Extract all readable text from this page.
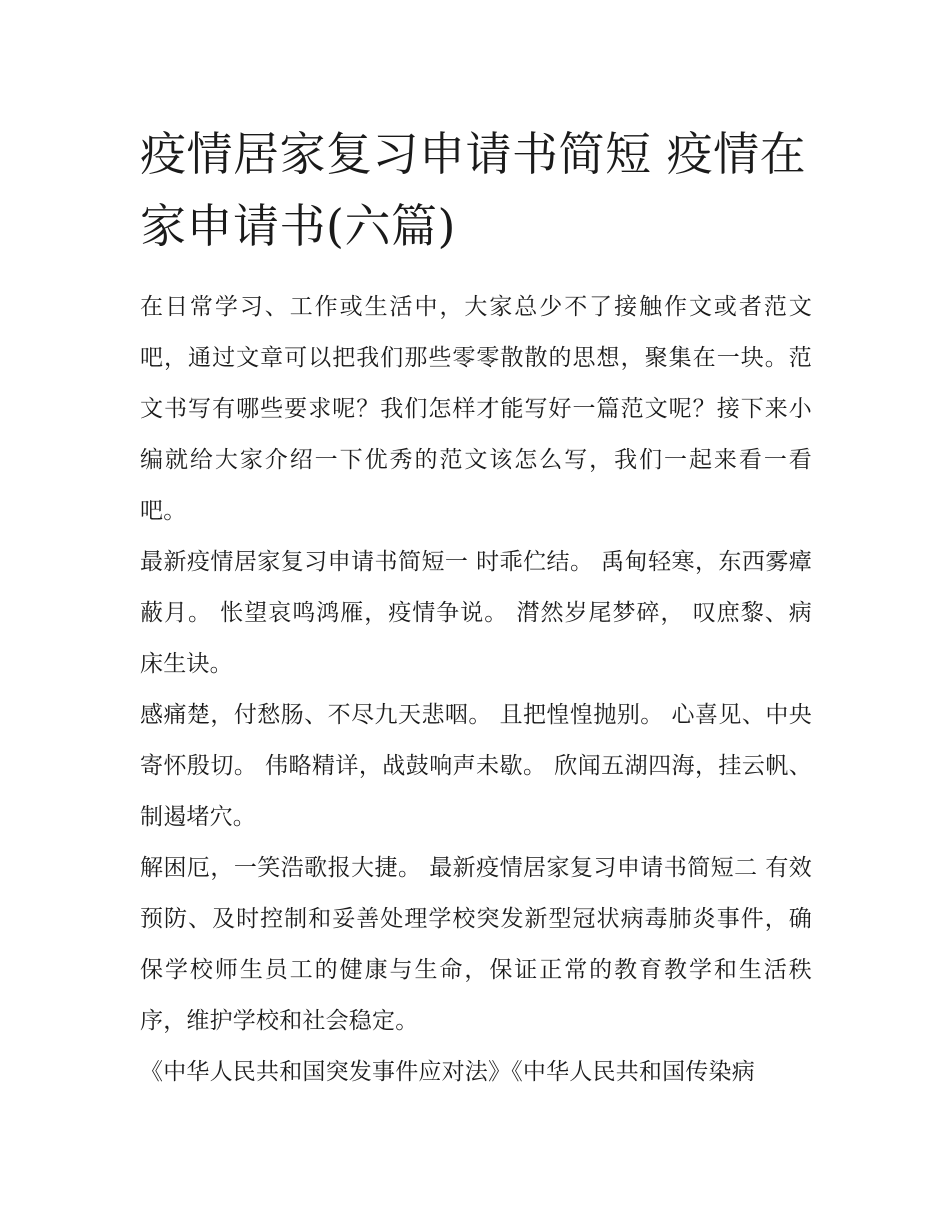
疫情居家复习申请书简短 疫情在家申请书(六篇)

在日常学习、工作或生活中，大家总少不了接触作文或者范文吧，通过文章可以把我们那些零零散散的思想，聚集在一块。范文书写有哪些要求呢？我们怎样才能写好一篇范文呢？接下来小编就给大家介绍一下优秀的范文该怎么写，我们一起来看一看吧。

最新疫情居家复习申请书简短一 时乖伫结。 禹甸轻寒，东西雾瘴蔽月。 怅望哀鸣鸿雁，疫情争说。 潸然岁尾梦碎， 叹庶黎、病床生诀。

感痛楚，付愁肠、不尽九天悲咽。 且把惶惶抛别。 心喜见、中央寄怀殷切。 伟略精详，战鼓响声未歇。 欣闻五湖四海，挂云帆、制遏堵穴。

解困厄，一笑浩歌报大捷。 最新疫情居家复习申请书简短二 有效预防、及时控制和妥善处理学校突发新型冠状病毒肺炎事件，确保学校师生员工的健康与生命，保证正常的教育教学和生活秩序，维护学校和社会稳定。

《中华人民共和国突发事件应对法》《中华人民共和国传染病
